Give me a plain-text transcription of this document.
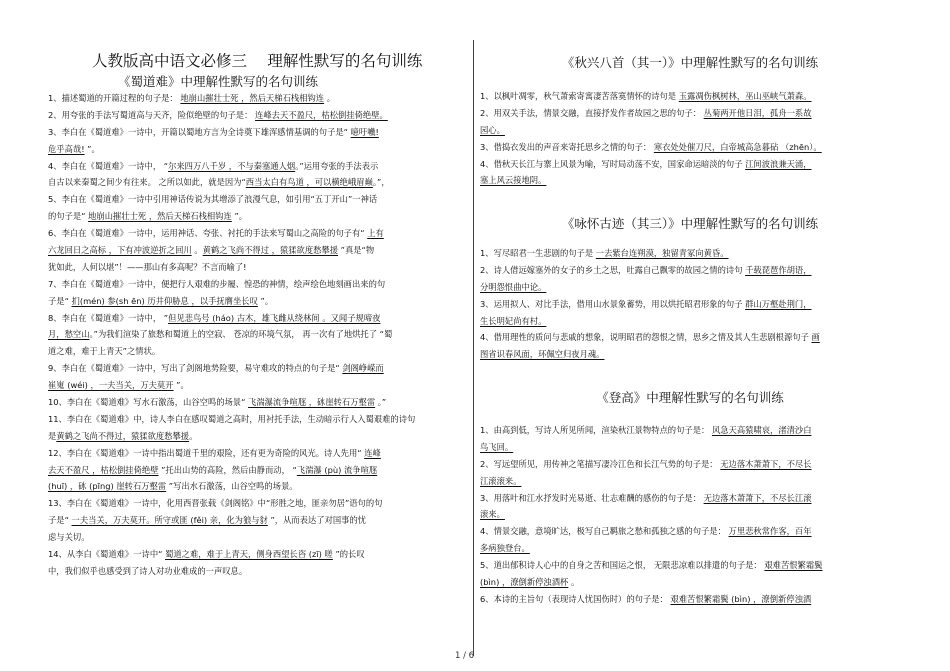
人教版高中语文必修三　 理解性默写的名句训练
《蜀道难》中理解性默写的名句训练
1、描述蜀道的开篇过程的句子是： 地崩山摧壮士死 ，然后天梯石栈相钩连 。
2、用夸张的手法写蜀道高与天齐，险似绝壁的句子是： 连峰去天不盈尺，枯松倒挂倚绝壁。
3、李白在《蜀道难》一诗中，开篇以蜀地方言为全诗奠下雄浑感情基调的句子是“ 噫吁嚱!
危乎高哉! ”。
4、李白在《蜀道难》一诗中， “尔来四万八千岁 ，不与秦塞通人烟。”运用夸张的手法表示
自古以来秦蜀之间少有往来。 之所以如此，就是因为“西当太白有鸟道 ，可以横绝峨眉巅。”，
5、李白在《蜀道难》一诗中引用神话传说为其增添了浪漫气息，如引用“五丁开山”一神话
的句子是“ 地崩山摧壮士死 ，然后天梯石栈相钩连 ”。
6、李白在《蜀道难》一诗中，运用神话、夸张、衬托的手法来写蜀山之高险的句子有“ 上有
六龙回日之高标 ，下有冲波逆折之回川 。黄鹤之飞尚不得过 ，猿猱欲度愁攀援 ”真是“物
犹如此，人何以堪”！——那山有多高呢？不言而喻了!
7、李白在《蜀道难》一诗中，便把行人艰难的步履、惶恐的神情，绘声绘色地刻画出来的句
子是“ 扪(mén) 参(sh ēn) 历井仰胁息 ，以手抚膺坐长叹 ”。
8、李白在《蜀道难》一诗中， ”但见悲鸟号 (háo) 古木，雄飞雌从绕林间 。又闻子规啼夜
月，愁空山。”为我们渲染了旅愁和蜀道上的空寂、 苍凉的环境气氛， 再一次有了地烘托了 “蜀
道之难，难于上青天”之情状。
9、李白在《蜀道难》一诗中，写出了剑阁地势险要，易守难攻的特点的句子是“ 剑阁峥嵘而
崔嵬 (wéi) ，一夫当关，万夫莫开 ”。
10、李白在《蜀道难》写水石激荡，山谷空鸣的场景“ 飞湍瀑流争喧豗 ，砯崖转石万壑雷 。”
11、李白在《蜀道难》中，诗人李白在感叹蜀道之高时，用衬托手法，生动暗示行人入蜀艰难的诗句
是黄鹤之飞尚不得过，猿猱欲度愁攀援。
12、李白在《蜀道难》一诗中指出蜀道千里的艰险，还有更为奇险的风光。诗人先用“ 连峰
去天不盈尺 ，枯松倒挂倚绝壁 ”托出山势的高险，然后由静而动， “飞湍瀑 (pù) 流争喧豗
(huī) ，砯 (pīng) 崖转石万壑雷 ”写出水石激荡，山谷空鸣的场景。
13、李白在《蜀道难》一诗中，化用西晋张载《剑阁铭》中“形胜之地，匪亲勿居”语句的句
子是“ 一夫当关，万夫莫开。所守或匪 (fěi) 亲，化为狼与豺 ”，从而表达了对国事的忧
虑与关切。
14、从李白《蜀道难》一诗中“ 蜀道之难，难于上青天，侧身西望长咨 (zī) 嗟 ”的长叹
中，我们似乎也感受到了诗人对功业难成的一声叹息。
《秋兴八首（其一）》中理解性默写的名句训练
1、以枫叶凋零，秋气萧索寄寓凄苦落寞情怀的诗句是 玉露凋伤枫树林，巫山巫峡气萧森。
2、用双关手法，情景交融，直接抒发作者故园之思的句子： 丛菊两开他日泪，孤舟一系故
园心。
3、借捣衣发出的声音来寄托思乡之情的句子： 寒衣处处催刀尺，白帝城高急暮砧 （zhēn）。
4、借秋天长江与寨上风景为喻，写时局动荡不安，国家命运暗淡的句子 江间波浪兼天涌，
塞上风云接地阴。
《咏怀古迹（其三）》中理解性默写的名句训练
1、写尽昭君一生悲剧的句子是 一去紫台连朔漠，独留青冢向黄昏。
2、诗人借远嫁塞外的女子的乡土之思，吐露自己飘零的故园之情的诗句 千载琵琶作胡语，
分明怨恨曲中论。
3、运用拟人、对比手法，借用山水景象蓄势，用以烘托昭君形象的句子 群山万壑赴荆门，
生长明妃尚有村。
4、借用理性的质问与悲戚的想象，说明昭君的怨恨之情，思乡之情及其人生悲剧根源句子 画
图省识春风面，环佩空归夜月魂。
《登高》中理解性默写的名句训练
1、由高到低，写诗人所见所闻，渲染秋江景物特点的句子是： 风急天高猿啸哀，渚清沙白
鸟飞回。
2、写远望所见，用传神之笔描写凄冷江色和长江气势的句子是： 无边落木萧萧下，不尽长
江滚滚来。
3、用落叶和江水抒发时光易逝、壮志难酬的感伤的句子是： 无边落木萧萧下，不尽长江滚
滚来。
4、情景交融，意境旷达，极写自己羁旅之愁和孤独之感的句子是： 万里悲秋常作客，百年
多病独登台。
5、道出郁积诗人心中的自身之苦和国运之恨， 无限悲凉难以排遣的句子是： 艰难苦恨繁霜鬓
(bìn) ，潦倒新停浊酒杯 。
6、本诗的主旨句（表现诗人忧国伤时）的句子是： 艰难苦恨繁霜鬓 (bìn) ，潦倒新停浊酒
1 / 6
